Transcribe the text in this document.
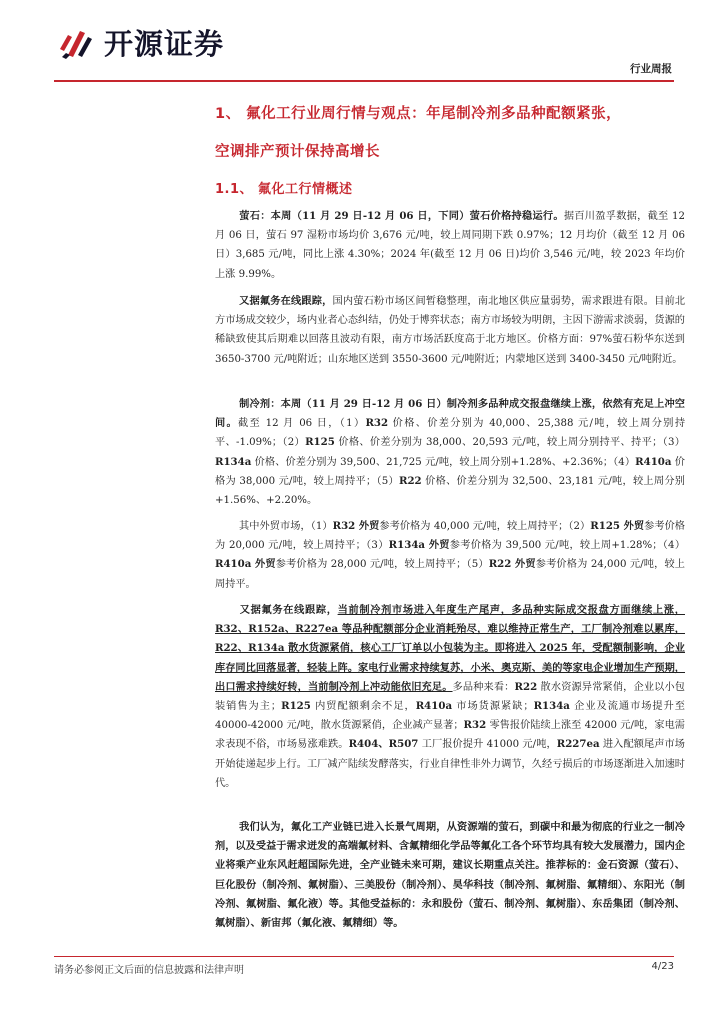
开源证券
行业周报
1、 氟化工行业周行情与观点：年尾制冷剂多品种配额紧张，
空调排产预计保持高增长
1.1、 氟化工行情概述
萤石：本周（11 月 29 日-12 月 06 日，下同）萤石价格持稳运行。据百川盈孚数据，截至 12 月 06 日，萤石 97 湿粉市场均价 3,676 元/吨，较上周同期下跌 0.97%；12 月均价（截至 12 月 06 日）3,685 元/吨，同比上涨 4.30%；2024 年(截至 12 月 06 日)均价 3,546 元/吨，较 2023 年均价上涨 9.99%。
又据氟务在线跟踪，国内萤石粉市场区间暂稳整理，南北地区供应量弱势，需求跟进有限。目前北方市场成交较少，场内业者心态纠结，仍处于博弈状态；南方市场较为明朗，主因下游需求淡弱，货源的稀缺致使其后期难以回落且波动有限，南方市场活跃度高于北方地区。价格方面：97%萤石粉华东送到 3650-3700 元/吨附近；山东地区送到 3550-3600 元/吨附近；内蒙地区送到 3400-3450 元/吨附近。
制冷剂：本周（11 月 29 日-12 月 06 日）制冷剂多品种成交报盘继续上涨，依然有充足上冲空间。截至 12 月 06 日，（1）R32 价格、价差分别为 40,000、25,388 元/吨，较上周分别持平、-1.09%；（2）R125 价格、价差分别为 38,000、20,593 元/吨，较上周分别持平、持平；（3）R134a 价格、价差分别为 39,500、21,725 元/吨，较上周分别+1.28%、+2.36%；（4）R410a 价格为 38,000 元/吨，较上周持平；（5）R22 价格、价差分别为 32,500、23,181 元/吨，较上周分别+1.56%、+2.20%。
其中外贸市场，（1）R32 外贸参考价格为 40,000 元/吨，较上周持平；（2）R125 外贸参考价格为 20,000 元/吨，较上周持平；（3）R134a 外贸参考价格为 39,500 元/吨，较上周+1.28%；（4）R410a 外贸参考价格为 28,000 元/吨，较上周持平；（5）R22 外贸参考价格为 24,000 元/吨，较上周持平。
又据氟务在线跟踪，当前制冷剂市场进入年度生产尾声，多品种实际成交报盘方面继续上涨，R32、R152a、R227ea 等品种配额部分企业消耗殆尽，难以维持正常生产，工厂制冷剂难以累库，R22、R134a 散水货源紧俏，核心工厂订单以小包装为主。即将进入 2025 年，受配额制影响，企业库存同比回落显著，轻装上阵。家电行业需求持续复苏，小米、奥克斯、美的等家电企业增加生产预期，出口需求持续好转，当前制冷剂上冲动能依旧充足。多品种来看：R22 散水资源异常紧俏，企业以小包装销售为主；R125 内贸配额剩余不足，R410a 市场货源紧缺；R134a 企业及流通市场提升至 40000-42000 元/吨，散水货源紧俏，企业减产显著；R32 零售报价陆续上涨至 42000 元/吨，家电需求表现不俗，市场易涨难跌。R404、R507 工厂报价提升 41000 元/吨，R227ea 进入配额尾声市场开始徒递起步上行。工厂减产陆续发酵落实，行业自律性非外力调节，久经亏损后的市场逐渐进入加速时代。
我们认为，氟化工产业链已进入长景气周期，从资源端的萤石，到碳中和最为彻底的行业之一制冷剂，以及受益于需求迸发的高端氟材料、含氟精细化学品等氟化工各个环节均具有较大发展潜力，国内企业将乘产业东风赶超国际先进，全产业链未来可期，建议长期重点关注。推荐标的：金石资源（萤石）、巨化股份（制冷剂、氟树脂）、三美股份（制冷剂）、昊华科技（制冷剂、氟树脂、氟精细）、东阳光（制冷剂、氟树脂、氟化液）等。其他受益标的：永和股份（萤石、制冷剂、氟树脂）、东岳集团（制冷剂、氟树脂）、新宙邦（氟化液、氟精细）等。
请务必参阅正文后面的信息披露和法律声明	4/23
